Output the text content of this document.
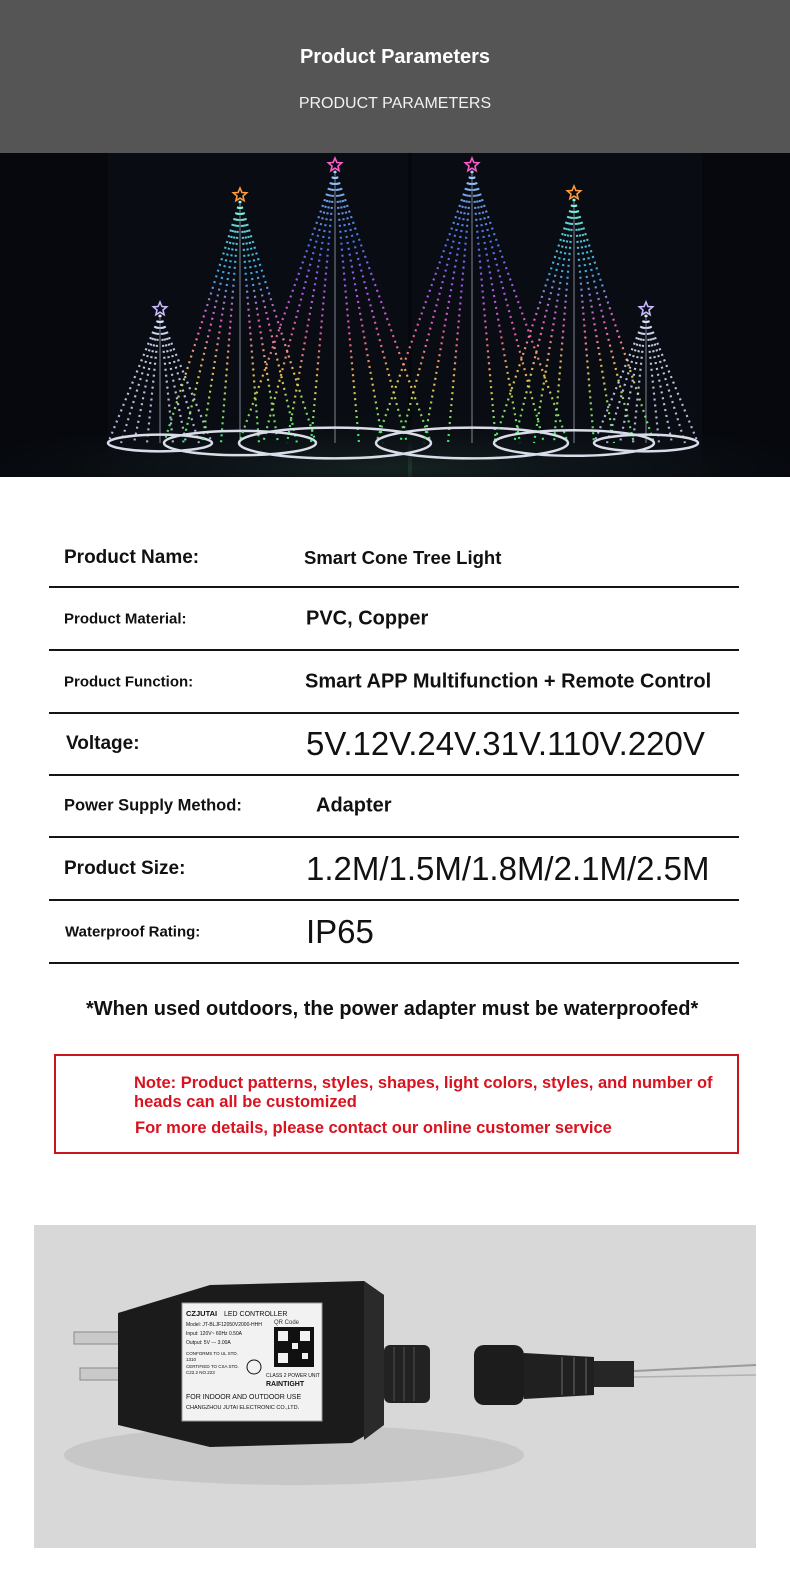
Product Parameters
PRODUCT PARAMETERS
Product Name:	Smart Cone Tree Light
Product Material:	PVC, Copper
Product Function:	Smart APP Multifunction + Remote Control
Voltage:	5V.12V.24V.31V.110V.220V
Power Supply Method:	Adapter
Product Size:	1.2M/1.5M/1.8M/2.1M/2.5M
Waterproof Rating:	IP65
*When used outdoors, the power adapter must be waterproofed*
Note: Product patterns, styles, shapes, light colors, styles, and number of heads can all be customized
For more details, please contact our online customer service
CZJUTAI LED CONTROLLER
QR Code
Model: JT-BLJF12050V2000-HHH
Input: 120V~ 60Hz 0.50A
Output: 5V --- 3.00A
CONFORMS TO UL STD.
1310
CERTIFIED TO CSA STD.
C22.2 NO.223
CLASS 2 POWER UNIT
RAINTIGHT
FOR INDOOR AND OUTDOOR USE
CHANGZHOU JUTAI ELECTRONIC CO.,LTD.
